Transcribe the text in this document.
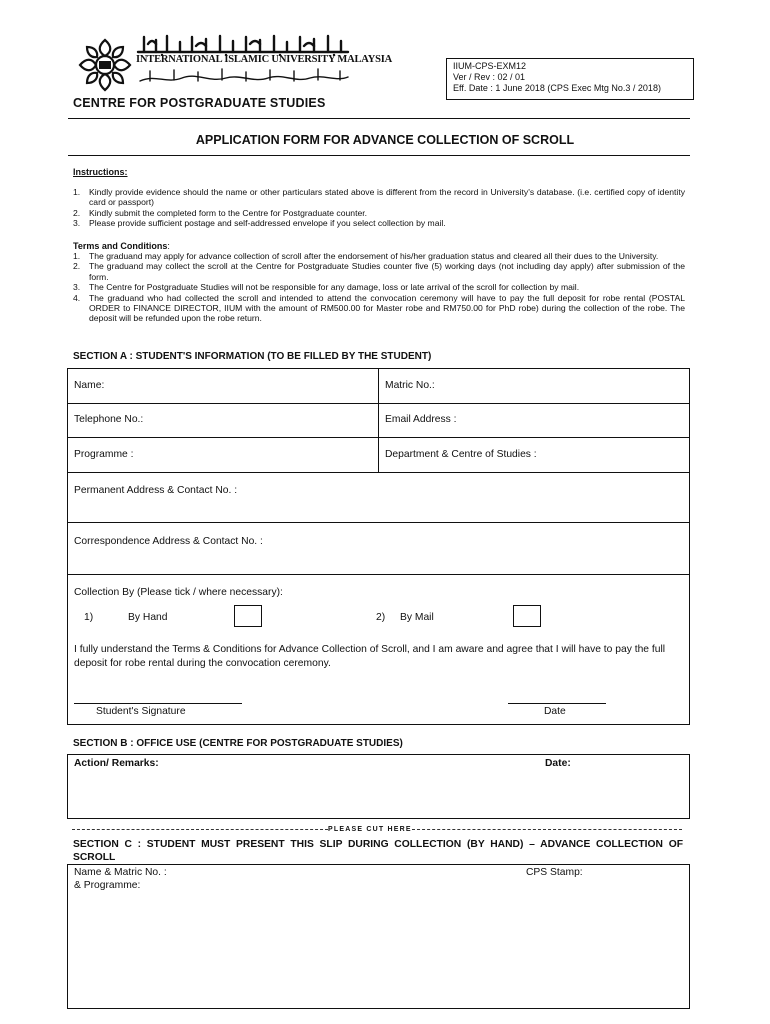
INTERNATIONAL ISLAMIC UNIVERSITY MALAYSIA
CENTRE FOR POSTGRADUATE STUDIES
IIUM-CPS-EXM12
Ver / Rev : 02 / 01
Eff. Date : 1 June 2018 (CPS Exec Mtg No.3 / 2018)
APPLICATION FORM FOR ADVANCE COLLECTION OF SCROLL
Instructions:
1. Kindly provide evidence should the name or other particulars stated above is different from the record in University's database. (i.e. certified copy of identity card or passport)
2. Kindly submit the completed form to the Centre for Postgraduate counter.
3. Please provide sufficient postage and self-addressed envelope if you select collection by mail.
Terms and Conditions:
1. The graduand may apply for advance collection of scroll after the endorsement of his/her graduation status and cleared all their dues to the University.
2. The graduand may collect the scroll at the Centre for Postgraduate Studies counter five (5) working days (not including day apply) after submission of the form.
3. The Centre for Postgraduate Studies will not be responsible for any damage, loss or late arrival of the scroll for collection by mail.
4. The graduand who had collected the scroll and intended to attend the convocation ceremony will have to pay the full deposit for robe rental (POSTAL ORDER to FINANCE DIRECTOR, IIUM with the amount of RM500.00 for Master robe and RM750.00 for PhD robe) during the collection of the robe. The deposit will be refunded upon the robe return.
SECTION A : STUDENT'S INFORMATION (TO BE FILLED BY THE STUDENT)
Name:	Matric No.:
Telephone No.:	Email Address :
Programme :	Department & Centre of Studies :
Permanent Address & Contact No. :
Correspondence Address & Contact No. :
Collection By (Please tick / where necessary):
1)	By Hand	2) By Mail
I fully understand the Terms & Conditions for Advance Collection of Scroll, and I am aware and agree that I will have to pay the full deposit for robe rental during the convocation ceremony.
Student's Signature	Date
SECTION B : OFFICE USE (CENTRE FOR POSTGRADUATE STUDIES)
Action/ Remarks:	Date:
PLEASE CUT HERE
SECTION C : STUDENT MUST PRESENT THIS SLIP DURING COLLECTION (BY HAND) – ADVANCE COLLECTION OF SCROLL
Name & Matric No. :
& Programme:
CPS Stamp:
